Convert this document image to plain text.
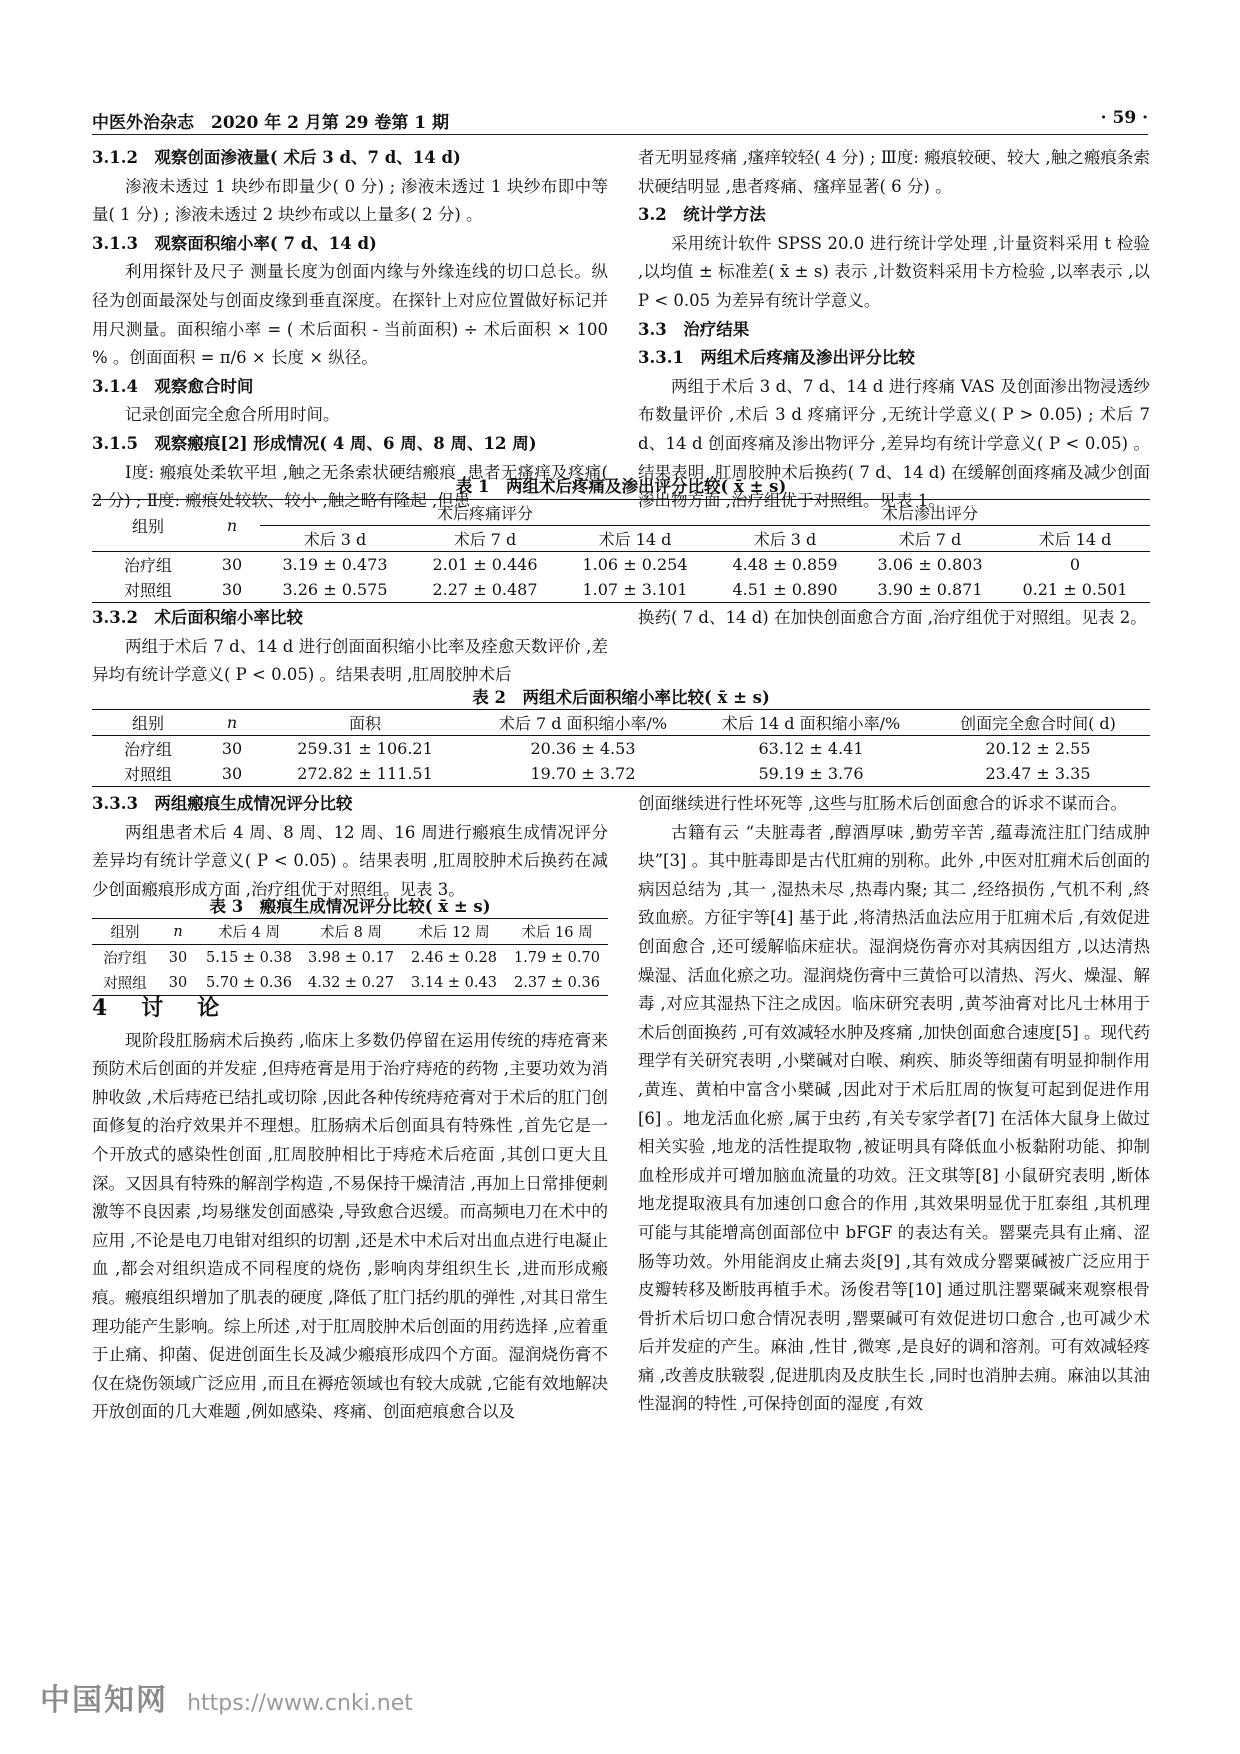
中医外治杂志　2020 年 2 月第 29 卷第 1 期	· 59 ·

3.1.2　观察创面渗液量( 术后 3 d、7 d、14 d)

渗液未透过 1 块纱布即量少( 0 分) ; 渗液未透过 1 块纱布即中等量( 1 分) ; 渗液未透过 2 块纱布或以上量多( 2 分) 。

3.1.3　观察面积缩小率( 7 d、14 d)

利用探针及尺子 测量长度为创面内缘与外缘连线的切口总长。纵径为创面最深处与创面皮缘到垂直深度。在探针上对应位置做好标记并用尺测量。面积缩小率 = ( 术后面积 - 当前面积) ÷ 术后面积 × 100 % 。创面面积 = π/6 × 长度 × 纵径。

3.1.4　观察愈合时间

记录创面完全愈合所用时间。

3.1.5　观察瘢痕[2] 形成情况( 4 周、6 周、8 周、12 周)

Ⅰ度: 瘢痕处柔软平坦 ,触之无条索状硬结瘢痕 ,患者无瘙痒及疼痛( 2 分) ; Ⅱ度: 瘢痕处较软、较小 ,触之略有隆起 ,但患

者无明显疼痛 ,瘙痒较轻( 4 分) ; Ⅲ度: 瘢痕较硬、较大 ,触之瘢痕条索状硬结明显 ,患者疼痛、瘙痒显著( 6 分) 。

3.2　统计学方法

采用统计软件 SPSS 20.0 进行统计学处理 ,计量资料采用 t 检验 ,以均值 ± 标准差( x̄ ± s) 表示 ,计数资料采用卡方检验 ,以率表示 ,以 P < 0.05 为差异有统计学意义。

3.3　治疗结果

3.3.1　两组术后疼痛及渗出评分比较

两组于术后 3 d、7 d、14 d 进行疼痛 VAS 及创面渗出物浸透纱布数量评价 ,术后 3 d 疼痛评分 ,无统计学意义( P > 0.05) ; 术后 7 d、14 d 创面疼痛及渗出物评分 ,差异均有统计学意义( P < 0.05) 。结果表明 ,肛周胶肿术后换药( 7 d、14 d) 在缓解创面疼痛及减少创面渗出物方面 ,治疗组优于对照组。见表 1。

表 1　两组术后疼痛及渗出评分比较( x̄ ± s)
组别	n	术后疼痛评分			术后渗出评分		
		术后 3 d	术后 7 d	术后 14 d	术后 3 d	术后 7 d	术后 14 d
治疗组	30	3.19 ± 0.473	2.01 ± 0.446	1.06 ± 0.254	4.48 ± 0.859	3.06 ± 0.803	0
对照组	30	3.26 ± 0.575	2.27 ± 0.487	1.07 ± 3.101	4.51 ± 0.890	3.90 ± 0.871	0.21 ± 0.501

3.3.2　术后面积缩小率比较

两组于术后 7 d、14 d 进行创面面积缩小比率及痊愈天数评价 ,差异均有统计学意义( P < 0.05) 。结果表明 ,肛周胶肿术后

换药( 7 d、14 d) 在加快创面愈合方面 ,治疗组优于对照组。见表 2。

表 2　两组术后面积缩小率比较( x̄ ± s)
组别	n	面积	术后 7 d 面积缩小率/%	术后 14 d 面积缩小率/%	创面完全愈合时间( d)
治疗组	30	259.31 ± 106.21	20.36 ± 4.53	63.12 ± 4.41	20.12 ± 2.55
对照组	30	272.82 ± 111.51	19.70 ± 3.72	59.19 ± 3.76	23.47 ± 3.35

3.3.3　两组瘢痕生成情况评分比较

两组患者术后 4 周、8 周、12 周、16 周进行瘢痕生成情况评分差异均有统计学意义( P < 0.05) 。结果表明 ,肛周胶肿术后换药在减少创面瘢痕形成方面 ,治疗组优于对照组。见表 3。

表 3　瘢痕生成情况评分比较( x̄ ± s)
组别	n	术后 4 周	术后 8 周	术后 12 周	术后 16 周
治疗组	30	5.15 ± 0.38	3.98 ± 0.17	2.46 ± 0.28	1.79 ± 0.70
对照组	30	5.70 ± 0.36	4.32 ± 0.27	3.14 ± 0.43	2.37 ± 0.36
4　讨　论

现阶段肛肠病术后换药 ,临床上多数仍停留在运用传统的痔疮膏来预防术后创面的并发症 ,但痔疮膏是用于治疗痔疮的药物 ,主要功效为消肿收敛 ,术后痔疮已结扎或切除 ,因此各种传统痔疮膏对于术后的肛门创面修复的治疗效果并不理想。肛肠病术后创面具有特殊性 ,首先它是一个开放式的感染性创面 ,肛周胶肿相比于痔疮术后疮面 ,其创口更大且深。又因具有特殊的解剖学构造 ,不易保持干燥清洁 ,再加上日常排便刺激等不良因素 ,均易继发创面感染 ,导致愈合迟缓。而高频电刀在术中的应用 ,不论是电刀电钳对组织的切割 ,还是术中术后对出血点进行电凝止血 ,都会对组织造成不同程度的烧伤 ,影响肉芽组织生长 ,进而形成瘢痕。瘢痕组织增加了肌表的硬度 ,降低了肛门括约肌的弹性 ,对其日常生理功能产生影响。综上所述 ,对于肛周胶肿术后创面的用药选择 ,应着重于止痛、抑菌、促进创面生长及减少瘢痕形成四个方面。湿润烧伤膏不仅在烧伤领域广泛应用 ,而且在褥疮领域也有较大成就 ,它能有效地解决开放创面的几大难题 ,例如感染、疼痛、创面疤痕愈合以及

创面继续进行性坏死等 ,这些与肛肠术后创面愈合的诉求不谋而合。

古籍有云 “夫脏毒者 ,醇酒厚味 ,勤劳辛苦 ,蕴毒流注肛门结成肿块”[3] 。其中脏毒即是古代肛痈的别称。此外 ,中医对肛痈术后创面的病因总结为 ,其一 ,湿热未尽 ,热毒内聚; 其二 ,经络损伤 ,气机不利 ,終致血瘀。方征宇等[4] 基于此 ,将清热活血法应用于肛痈术后 ,有效促进创面愈合 ,还可缓解临床症状。湿润烧伤膏亦对其病因组方 ,以达清热燥湿、活血化瘀之功。湿润烧伤膏中三黄恰可以清热、泻火、燥湿、解毒 ,对应其湿热下注之成因。临床研究表明 ,黄芩油膏对比凡士林用于术后创面换药 ,可有效减轻水肿及疼痛 ,加快创面愈合速度[5] 。现代药理学有关研究表明 ,小檗碱对白喉、痢疾、肺炎等细菌有明显抑制作用 ,黄连、黄柏中富含小檗碱 ,因此对于术后肛周的恢复可起到促进作用[6] 。地龙活血化瘀 ,属于虫药 ,有关专家学者[7] 在活体大鼠身上做过相关实验 ,地龙的活性提取物 ,被证明具有降低血小板黏附功能、抑制血栓形成并可增加脑血流量的功效。汪文琪等[8] 小鼠研究表明 ,断体地龙提取液具有加速创口愈合的作用 ,其效果明显优于肛泰组 ,其机理可能与其能增高创面部位中 bFGF 的表达有关。罂粟壳具有止痛、涩肠等功效。外用能润皮止痛去炎[9] ,其有效成分罂粟碱被广泛应用于皮瓣转移及断肢再植手术。汤俊君等[10] 通过肌注罂粟碱来观察根骨骨折术后切口愈合情况表明 ,罂粟碱可有效促进切口愈合 ,也可减少术后并发症的产生。麻油 ,性甘 ,微寒 ,是良好的调和溶剂。可有效减轻疼痛 ,改善皮肤皲裂 ,促进肌肉及皮肤生长 ,同时也消肿去痈。麻油以其油性湿润的特性 ,可保持创面的湿度 ,有效

中国知网 https://www.cnki.net
